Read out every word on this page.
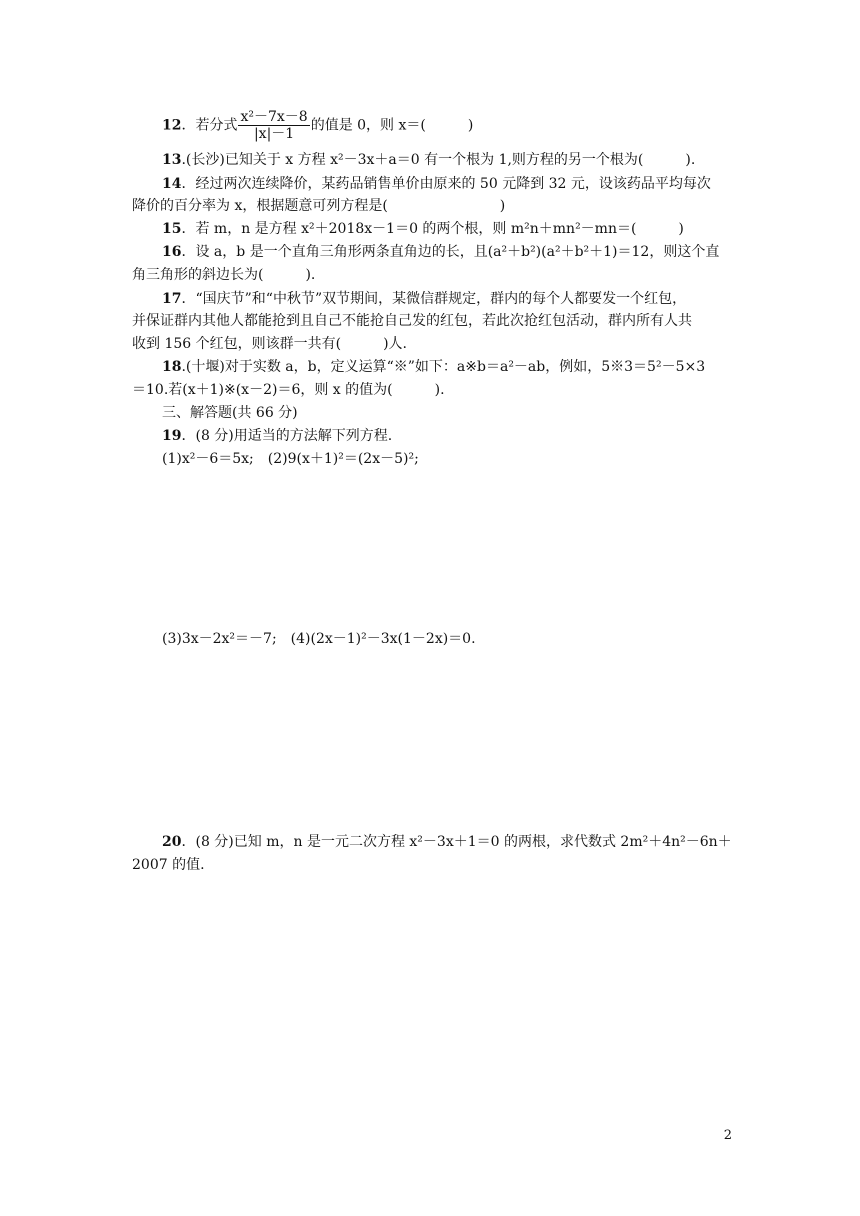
12．若分式 $\frac{\text{x²－7x－8}}{|x|-1}$ 的值是 0，则 x＝(　　　)
13.(长沙)已知关于 x 方程 x²－3x＋a＝0 有一个根为 1,则方程的另一个根为(　　　).
14．经过两次连续降价，某药品销售单价由原来的 50 元降到 32 元，设该药品平均每次
降价的百分率为 x，根据题意可列方程是(　　　　　　　　)
15．若 m，n 是方程 x²＋2018x－1＝0 的两个根，则 m²n＋mn²－mn＝(　　　)
16．设 a，b 是一个直角三角形两条直角边的长，且(a²＋b²)(a²＋b²＋1)＝12，则这个直
角三角形的斜边长为(　　　).
17．“国庆节”和“中秋节”双节期间，某微信群规定，群内的每个人都要发一个红包，
并保证群内其他人都能抢到且自己不能抢自己发的红包，若此次抢红包活动，群内所有人共
收到 156 个红包，则该群一共有(　　　)人.
18.(十堰)对于实数 a，b，定义运算“※”如下：a※b＝a²－ab，例如，5※3＝5²－5×3
＝10.若(x＋1)※(x－2)＝6，则 x 的值为(　　　).
三、解答题(共 66 分)
19．(8 分)用适当的方法解下列方程.
(1)x²－6＝5x;　(2)9(x＋1)²＝(2x－5)²;
(3)3x－2x²＝－7;　(4)(2x－1)²－3x(1－2x)＝0.
20．(8 分)已知 m，n 是一元二次方程 x²－3x＋1＝0 的两根，求代数式 2m²＋4n²－6n＋
2007 的值.
2
